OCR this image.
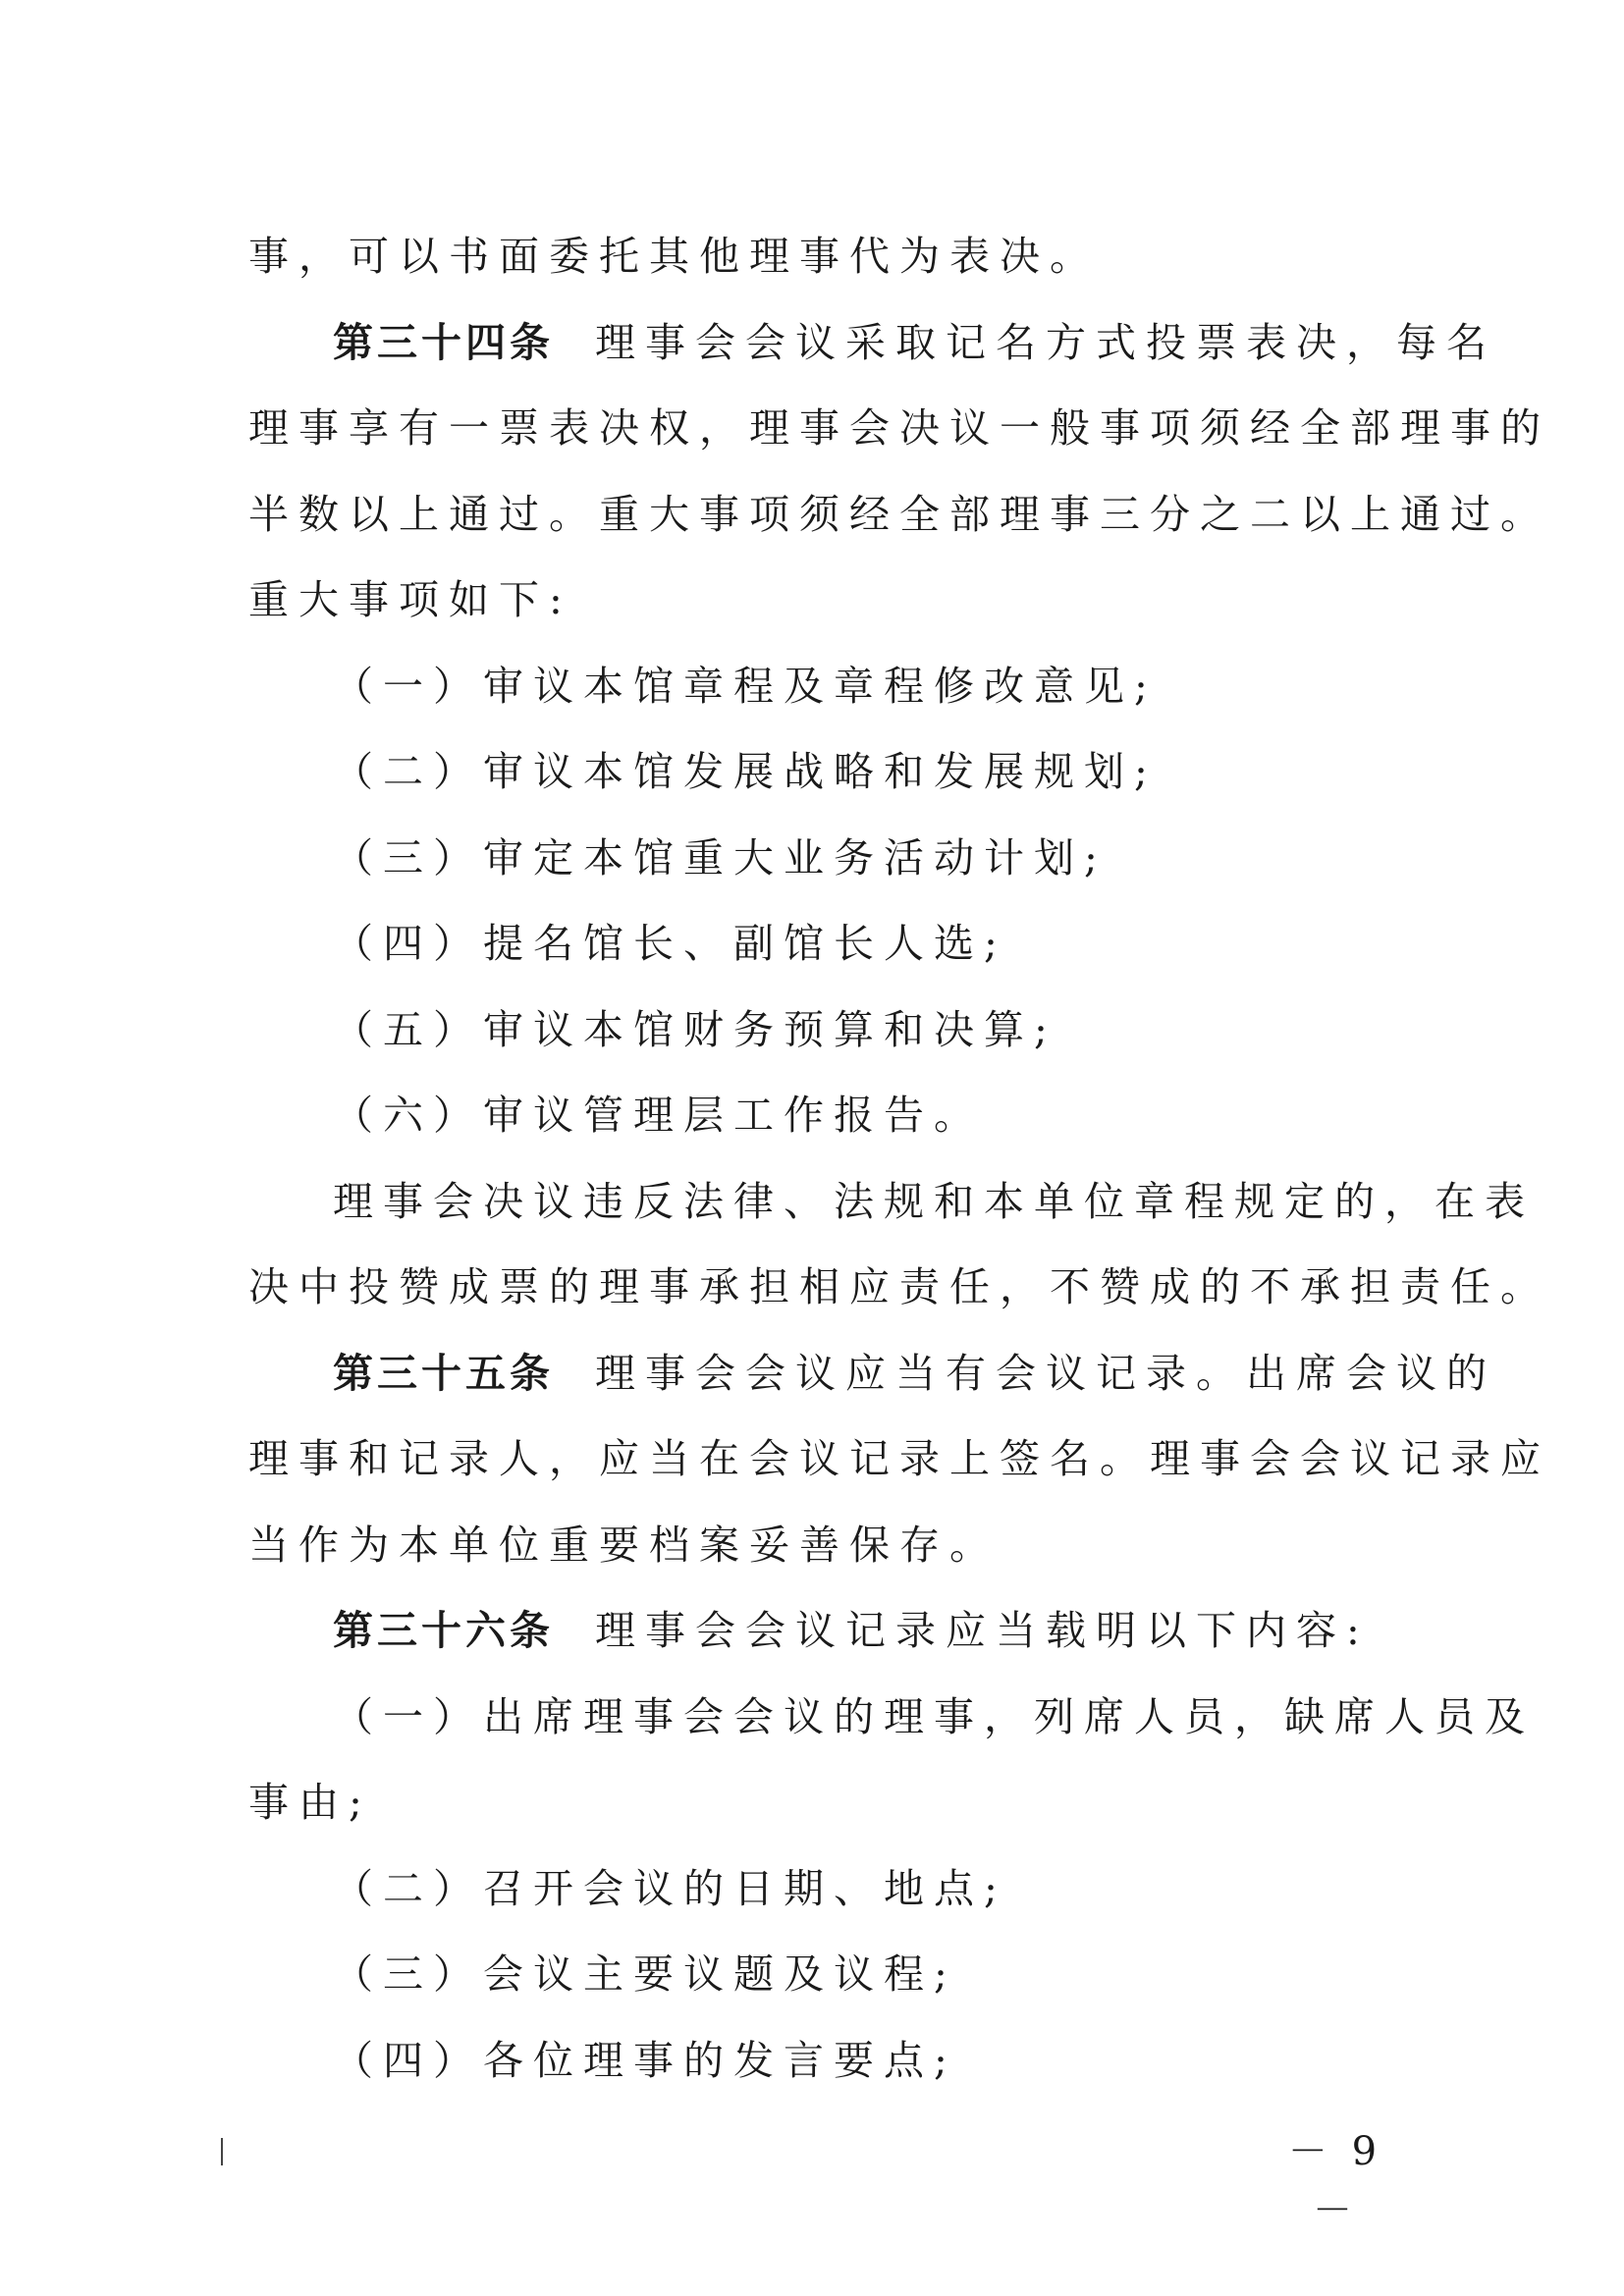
事，可以书面委托其他理事代为表决。
第三十四条 理事会会议采取记名方式投票表决，每名
理事享有一票表决权，理事会决议一般事项须经全部理事的
半数以上通过。重大事项须经全部理事三分之二以上通过。
重大事项如下:
（一）审议本馆章程及章程修改意见;
（二）审议本馆发展战略和发展规划;
（三）审定本馆重大业务活动计划;
（四）提名馆长、副馆长人选;
（五）审议本馆财务预算和决算;
（六）审议管理层工作报告。
理事会决议违反法律、法规和本单位章程规定的，在表
决中投赞成票的理事承担相应责任，不赞成的不承担责任。
第三十五条 理事会会议应当有会议记录。出席会议的
理事和记录人，应当在会议记录上签名。理事会会议记录应
当作为本单位重要档案妥善保存。
第三十六条 理事会会议记录应当载明以下内容:
（一）出席理事会会议的理事，列席人员，缺席人员及
事由;
（二）召开会议的日期、地点;
（三）会议主要议题及议程;
（四）各位理事的发言要点;
－ 9 －
